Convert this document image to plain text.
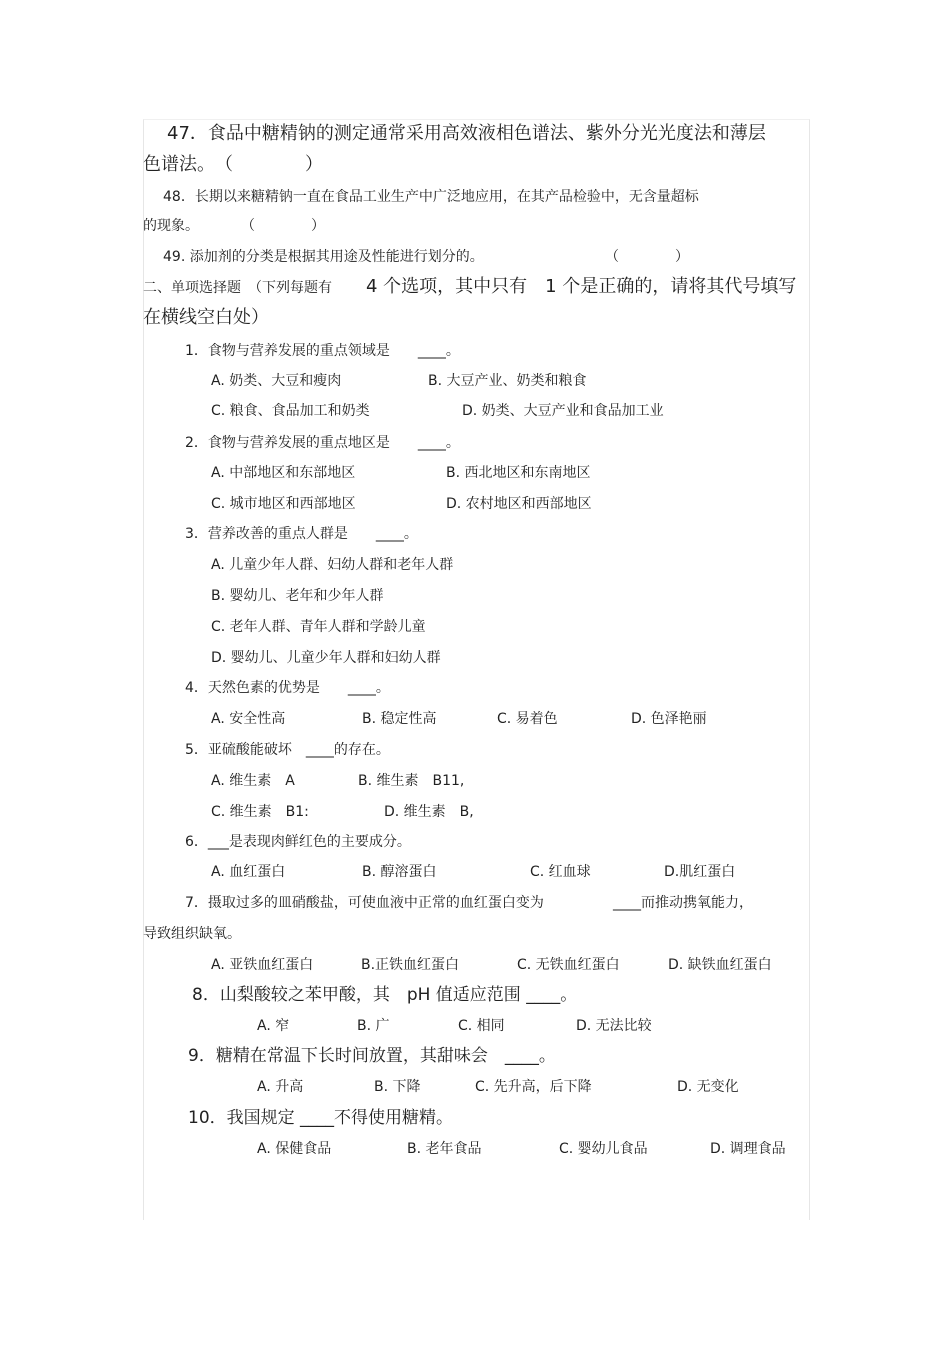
47．食品中糖精钠的测定通常采用高效液相色谱法、紫外分光光度法和薄层
色谱法。　（　　　　）
48．长期以来糖精钠一直在食品工业生产中广泛地应用，在其产品检验中，无含量超标
的现象。　　　　（　　　　）
49. 添加剂的分类是根据其用途及性能进行划分的。	（　　　　）
二、单项选择题　（下列每题有 4 个选项，其中只有　1 个是正确的，请将其代号填写
在横线空白处）
1．食物与营养发展的重点领域是　　____。
A. 奶类、大豆和瘦肉	B. 大豆产业、奶类和粮食
C. 粮食、食品加工和奶类	D. 奶类、大豆产业和食品加工业
2．食物与营养发展的重点地区是　　____。
A. 中部地区和东部地区	B. 西北地区和东南地区
C. 城市地区和西部地区	D. 农村地区和西部地区
3．营养改善的重点人群是　　____。
A. 儿童少年人群、妇幼人群和老年人群
B. 婴幼儿、老年和少年人群
C. 老年人群、青年人群和学龄儿童
D. 婴幼儿、儿童少年人群和妇幼人群
4．天然色素的优势是　　____。
A. 安全性高	B. 稳定性高	C. 易着色	D. 色泽艳丽
5．亚硫酸能破坏　____的存在。
A. 维生素　A	B. 维生素　B11,
C. 维生素　B1:	D. 维生素　B,
6．___是表现肉鲜红色的主要成分。
A. 血红蛋白	B. 醇溶蛋白	C. 红血球	D.肌红蛋白
7．摄取过多的皿硝酸盐，可使血液中正常的血红蛋白变为	____而推动携氧能力，
导致组织缺氧。
A. 亚铁血红蛋白	B.正铁血红蛋白	C. 无铁血红蛋白	D. 缺铁血红蛋白
8．山梨酸较之苯甲酸，其　pH 值适应范围 ____。
A. 窄	B. 广	C. 相同	D. 无法比较
9．糖精在常温下长时间放置，其甜味会　____。
A. 升高	B. 下降	C. 先升高，后下降	D. 无变化
10．我国规定 ____不得使用糖精。
A. 保健食品	B. 老年食品	C. 婴幼儿食品	D. 调理食品
